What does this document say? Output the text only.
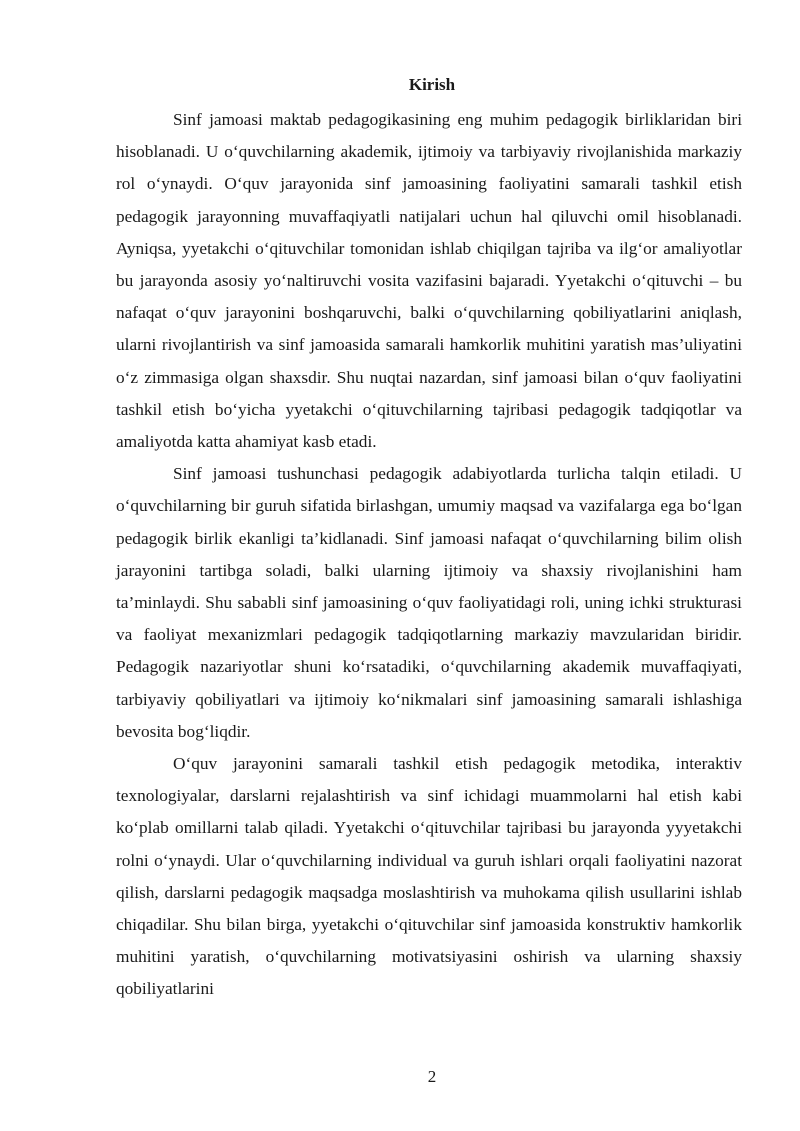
Kirish

Sinf jamoasi maktab pedagogikasining eng muhim pedagogik birliklaridan biri hisoblanadi. U o‘quvchilarning akademik, ijtimoiy va tarbiyaviy rivojlanishida markaziy rol o‘ynaydi. O‘quv jarayonida sinf jamoasining faoliyatini samarali tashkil etish pedagogik jarayonning muvaffaqiyatli natijalari uchun hal qiluvchi omil hisoblanadi. Ayniqsa, yyetakchi o‘qituvchilar tomonidan ishlab chiqilgan tajriba va ilg‘or amaliyotlar bu jarayonda asosiy yo‘naltiruvchi vosita vazifasini bajaradi. Yyetakchi o‘qituvchi – bu nafaqat o‘quv jarayonini boshqaruvchi, balki o‘quvchilarning qobiliyatlarini aniqlash, ularni rivojlantirish va sinf jamoasida samarali hamkorlik muhitini yaratish mas’uliyatini o‘z zimmasiga olgan shaxsdir. Shu nuqtai nazardan, sinf jamoasi bilan o‘quv faoliyatini tashkil etish bo‘yicha yyetakchi o‘qituvchilarning tajribasi pedagogik tadqiqotlar va amaliyotda katta ahamiyat kasb etadi.

Sinf jamoasi tushunchasi pedagogik adabiyotlarda turlicha talqin etiladi. U o‘quvchilarning bir guruh sifatida birlashgan, umumiy maqsad va vazifalarga ega bo‘lgan pedagogik birlik ekanligi ta’kidlanadi. Sinf jamoasi nafaqat o‘quvchilarning bilim olish jarayonini tartibga soladi, balki ularning ijtimoiy va shaxsiy rivojlanishini ham ta’minlaydi. Shu sababli sinf jamoasining o‘quv faoliyatidagi roli, uning ichki strukturasi va faoliyat mexanizmlari pedagogik tadqiqotlarning markaziy mavzularidan biridir. Pedagogik nazariyotlar shuni ko‘rsatadiki, o‘quvchilarning akademik muvaffaqiyati, tarbiyaviy qobiliyatlari va ijtimoiy ko‘nikmalari sinf jamoasining samarali ishlashiga bevosita bog‘liqdir.

O‘quv jarayonini samarali tashkil etish pedagogik metodika, interaktiv texnologiyalar, darslarni rejalashtirish va sinf ichidagi muammolarni hal etish kabi ko‘plab omillarni talab qiladi. Yyetakchi o‘qituvchilar tajribasi bu jarayonda yyyetakchi rolni o‘ynaydi. Ular o‘quvchilarning individual va guruh ishlari orqali faoliyatini nazorat qilish, darslarni pedagogik maqsadga moslashtirish va muhokama qilish usullarini ishlab chiqadilar. Shu bilan birga, yyetakchi o‘qituvchilar sinf jamoasida konstruktiv hamkorlik muhitini yaratish, o‘quvchilarning motivatsiyasini oshirish va ularning shaxsiy qobiliyatlarini

2
